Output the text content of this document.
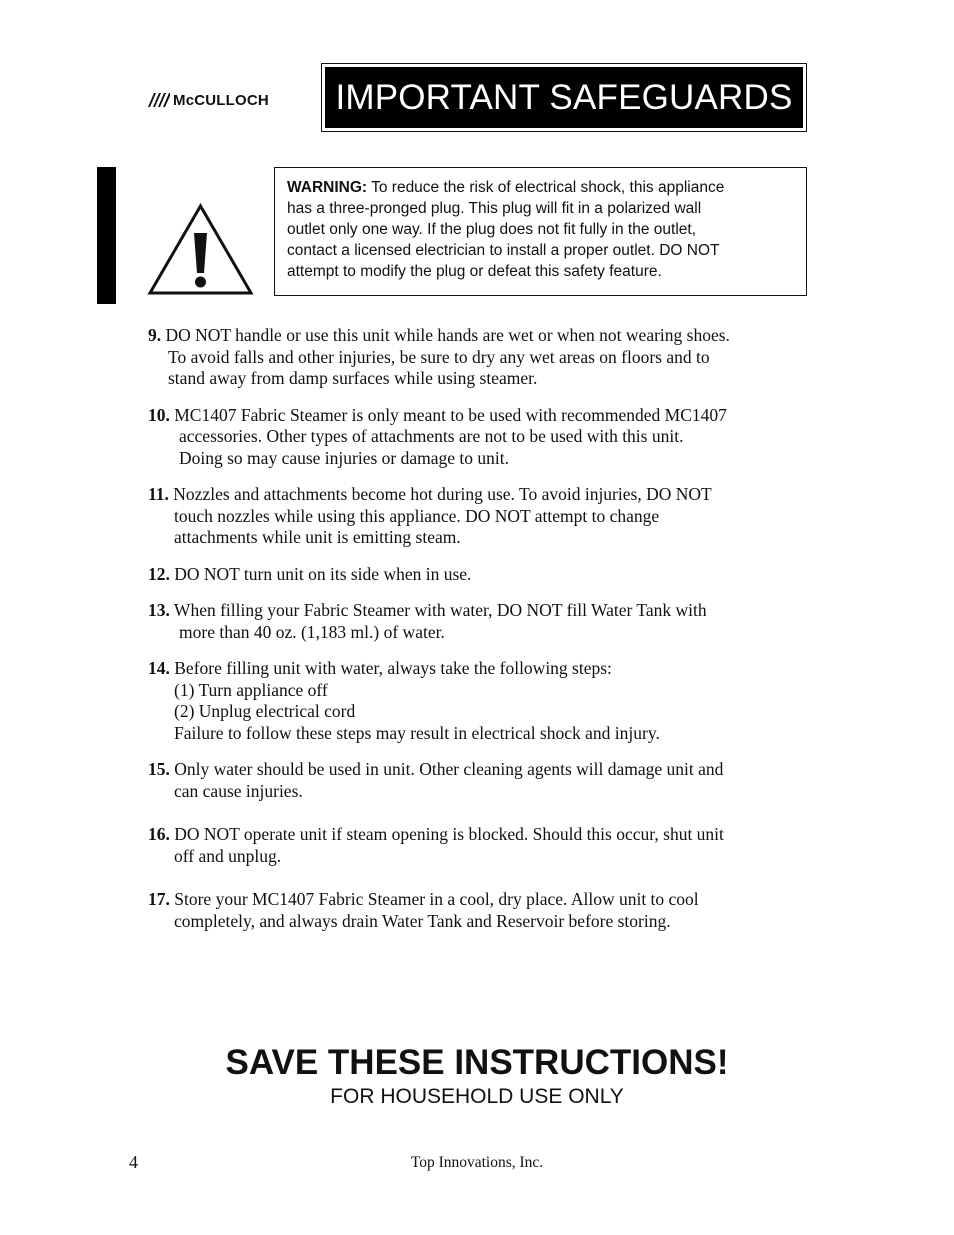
McCULLOCH IMPORTANT SAFEGUARDS
WARNING: To reduce the risk of electrical shock, this appliance
has a three-pronged plug. This plug will fit in a polarized wall
outlet only one way. If the plug does not fit fully in the outlet,
contact a licensed electrician to install a proper outlet. DO NOT
attempt to modify the plug or defeat this safety feature.
9. DO NOT handle or use this unit while hands are wet or when not wearing shoes.
To avoid falls and other injuries, be sure to dry any wet areas on floors and to
stand away from damp surfaces while using steamer.
10. MC1407 Fabric Steamer is only meant to be used with recommended MC1407
accessories. Other types of attachments are not to be used with this unit.
Doing so may cause injuries or damage to unit.
11. Nozzles and attachments become hot during use. To avoid injuries, DO NOT
touch nozzles while using this appliance. DO NOT attempt to change
attachments while unit is emitting steam.
12. DO NOT turn unit on its side when in use.
13. When filling your Fabric Steamer with water, DO NOT fill Water Tank with
more than 40 oz. (1,183 ml.) of water.
14. Before filling unit with water, always take the following steps:
(1) Turn appliance off
(2) Unplug electrical cord
Failure to follow these steps may result in electrical shock and injury.
15. Only water should be used in unit. Other cleaning agents will damage unit and
can cause injuries.
16. DO NOT operate unit if steam opening is blocked. Should this occur, shut unit
off and unplug.
17. Store your MC1407 Fabric Steamer in a cool, dry place. Allow unit to cool
completely, and always drain Water Tank and Reservoir before storing.
SAVE THESE INSTRUCTIONS!
FOR HOUSEHOLD USE ONLY
4	Top Innovations, Inc.
